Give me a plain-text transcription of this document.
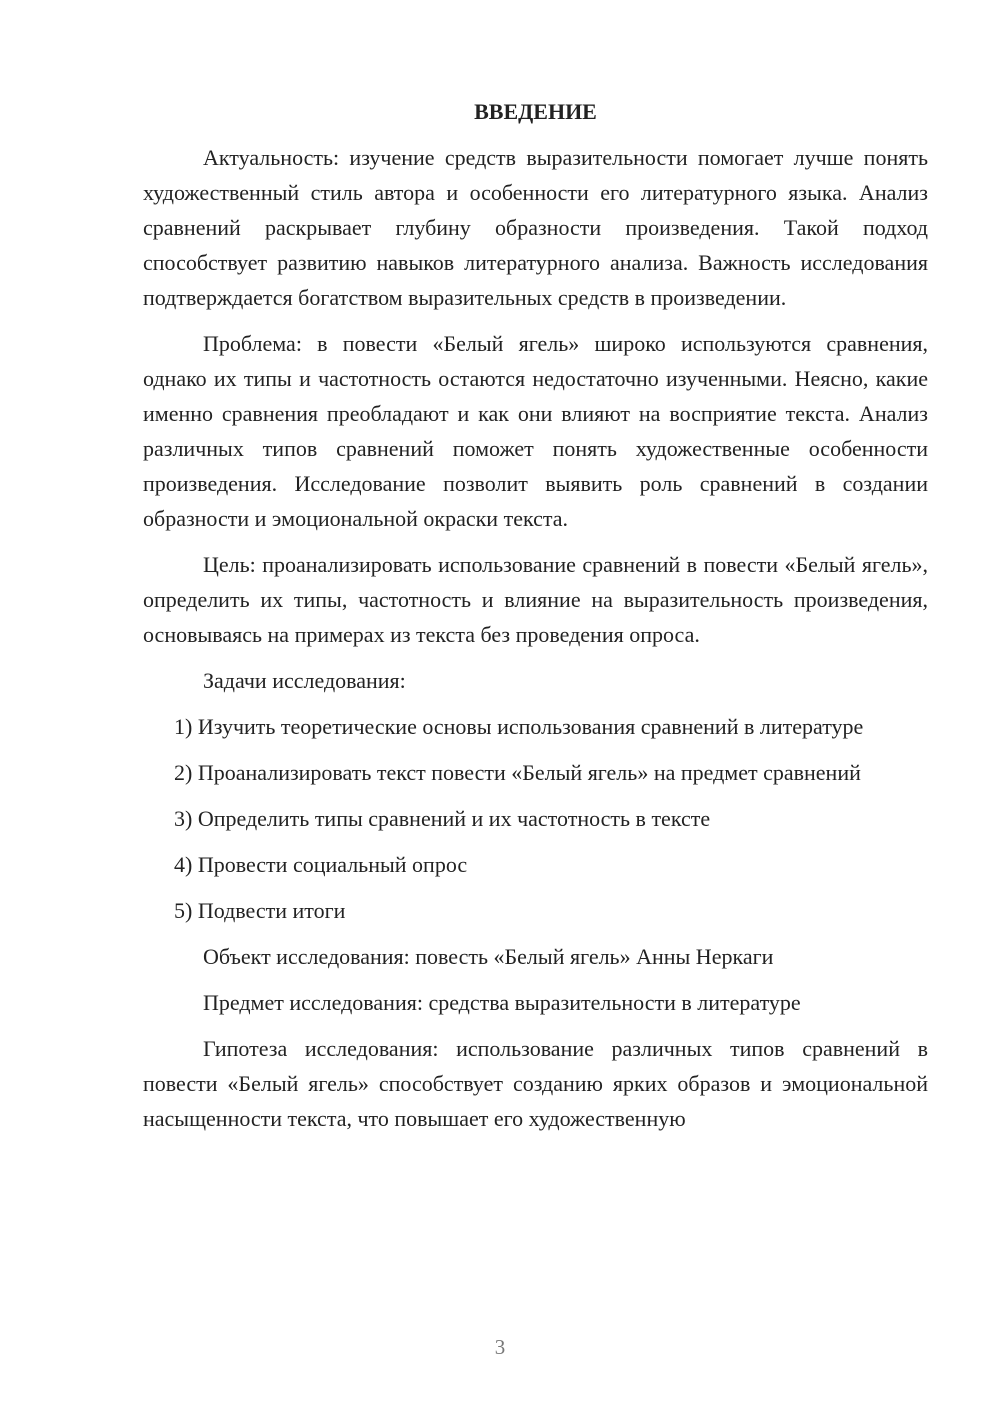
ВВЕДЕНИЕ

Актуальность: изучение средств выразительности помогает лучше понять художественный стиль автора и особенности его литературного языка. Анализ сравнений раскрывает глубину образности произведения. Такой подход способствует развитию навыков литературного анализа. Важность исследования подтверждается богатством выразительных средств в произведении.

Проблема: в повести «Белый ягель» широко используются сравнения, однако их типы и частотность остаются недостаточно изученными. Неясно, какие именно сравнения преобладают и как они влияют на восприятие текста. Анализ различных типов сравнений поможет понять художественные особенности произведения. Исследование позволит выявить роль сравнений в создании образности и эмоциональной окраски текста.

Цель: проанализировать использование сравнений в повести «Белый ягель», определить их типы, частотность и влияние на выразительность произведения, основываясь на примерах из текста без проведения опроса.

Задачи исследования:

1) Изучить теоретические основы использования сравнений в литературе

2) Проанализировать текст повести «Белый ягель» на предмет сравнений

3) Определить типы сравнений и их частотность в тексте

4) Провести социальный опрос

5) Подвести итоги

Объект исследования: повесть «Белый ягель» Анны Неркаги

Предмет исследования: средства выразительности в литературе

Гипотеза исследования: использование различных типов сравнений в повести «Белый ягель» способствует созданию ярких образов и эмоциональной насыщенности текста, что повышает его художественную

3
